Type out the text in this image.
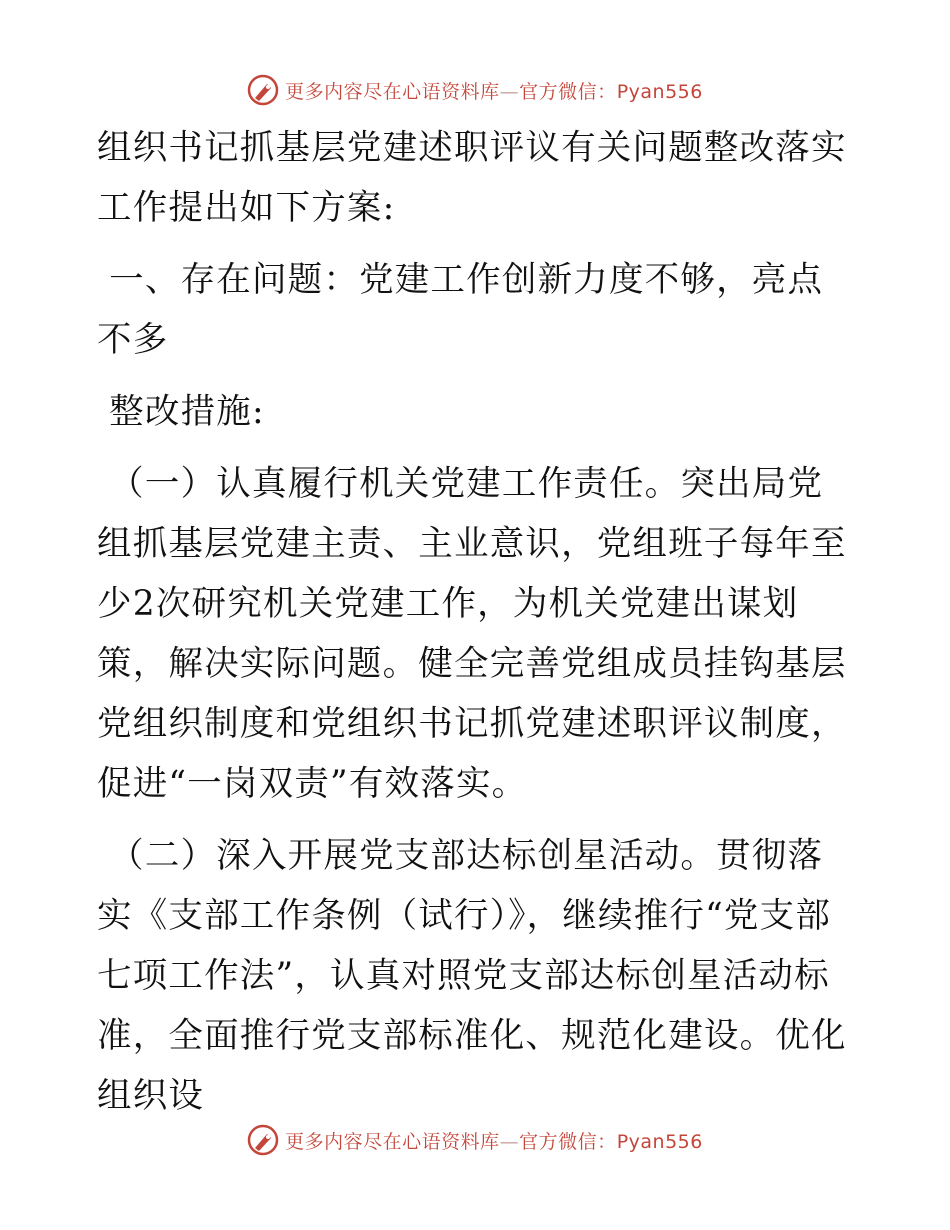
更多内容尽在心语资料库—官方微信：Pyan556

组织书记抓基层党建述职评议有关问题整改落实工作提出如下方案:

一、存在问题：党建工作创新力度不够，亮点不多

整改措施:

（一）认真履行机关党建工作责任。突出局党组抓基层党建主责、主业意识，党组班子每年至少2次研究机关党建工作，为机关党建出谋划策，解决实际问题。健全完善党组成员挂钩基层党组织制度和党组织书记抓党建述职评议制度，促进“一岗双责”有效落实。

（二）深入开展党支部达标创星活动。贯彻落实《支部工作条例（试行）》，继续推行“党支部七项工作法”，认真对照党支部达标创星活动标准，全面推行党支部标准化、规范化建设。优化组织设

更多内容尽在心语资料库—官方微信：Pyan556
